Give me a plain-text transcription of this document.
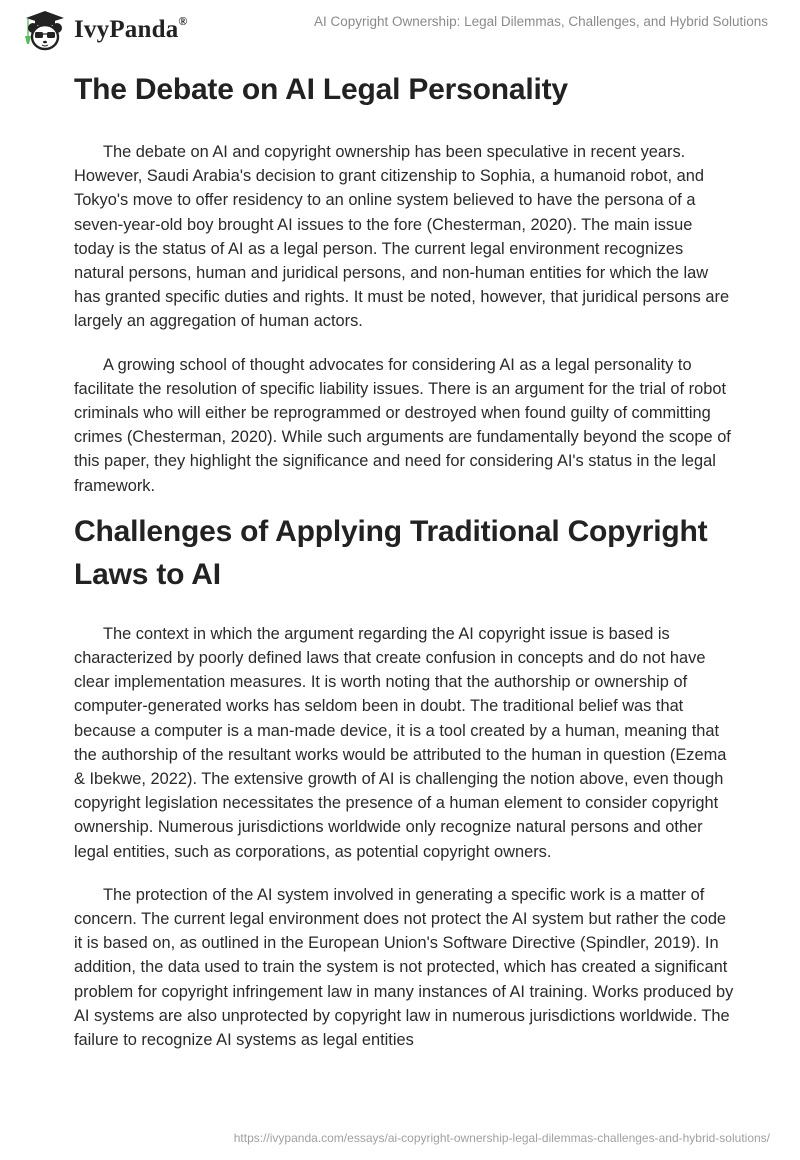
IvyPanda®	AI Copyright Ownership: Legal Dilemmas, Challenges, and Hybrid Solutions
The Debate on AI Legal Personality

The debate on AI and copyright ownership has been speculative in recent years. However, Saudi Arabia's decision to grant citizenship to Sophia, a humanoid robot, and Tokyo's move to offer residency to an online system believed to have the persona of a seven-year-old boy brought AI issues to the fore (Chesterman, 2020). The main issue today is the status of AI as a legal person. The current legal environment recognizes natural persons, human and juridical persons, and non-human entities for which the law has granted specific duties and rights. It must be noted, however, that juridical persons are largely an aggregation of human actors.

A growing school of thought advocates for considering AI as a legal personality to facilitate the resolution of specific liability issues. There is an argument for the trial of robot criminals who will either be reprogrammed or destroyed when found guilty of committing crimes (Chesterman, 2020). While such arguments are fundamentally beyond the scope of this paper, they highlight the significance and need for considering AI's status in the legal framework.

Challenges of Applying Traditional Copyright Laws to AI

The context in which the argument regarding the AI copyright issue is based is characterized by poorly defined laws that create confusion in concepts and do not have clear implementation measures. It is worth noting that the authorship or ownership of computer-generated works has seldom been in doubt. The traditional belief was that because a computer is a man-made device, it is a tool created by a human, meaning that the authorship of the resultant works would be attributed to the human in question (Ezema & Ibekwe, 2022). The extensive growth of AI is challenging the notion above, even though copyright legislation necessitates the presence of a human element to consider copyright ownership. Numerous jurisdictions worldwide only recognize natural persons and other legal entities, such as corporations, as potential copyright owners.

The protection of the AI system involved in generating a specific work is a matter of concern. The current legal environment does not protect the AI system but rather the code it is based on, as outlined in the European Union's Software Directive (Spindler, 2019). In addition, the data used to train the system is not protected, which has created a significant problem for copyright infringement law in many instances of AI training. Works produced by AI systems are also unprotected by copyright law in numerous jurisdictions worldwide. The failure to recognize AI systems as legal entities

https://ivypanda.com/essays/ai-copyright-ownership-legal-dilemmas-challenges-and-hybrid-solutions/
